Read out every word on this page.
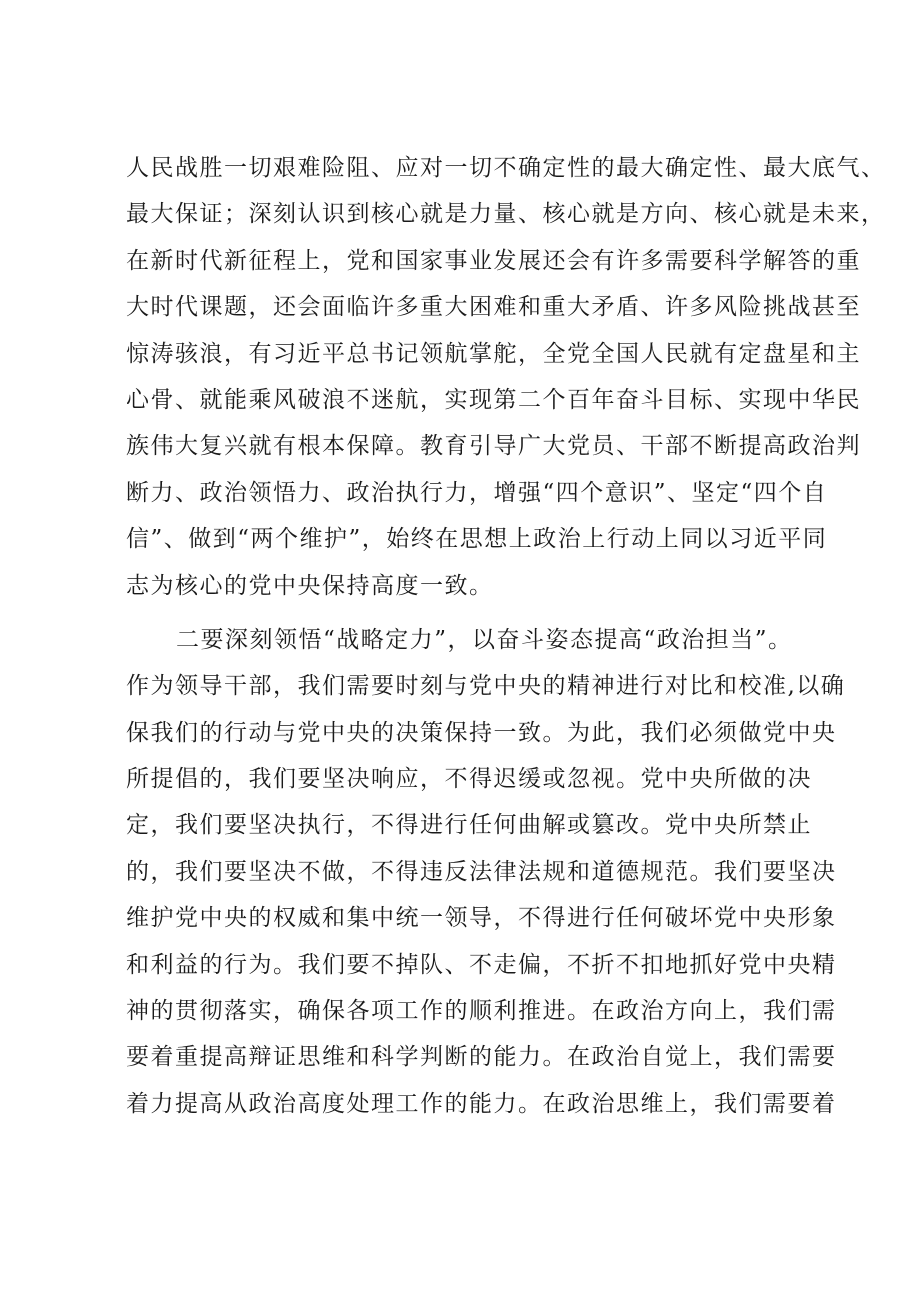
人民战胜一切艰难险阻、应对一切不确定性的最大确定性、最大底气、
最大保证；深刻认识到核心就是力量、核心就是方向、核心就是未来，
在新时代新征程上，党和国家事业发展还会有许多需要科学解答的重
大时代课题，还会面临许多重大困难和重大矛盾、许多风险挑战甚至
惊涛骇浪，有习近平总书记领航掌舵，全党全国人民就有定盘星和主
心骨、就能乘风破浪不迷航，实现第二个百年奋斗目标、实现中华民
族伟大复兴就有根本保障。教育引导广大党员、干部不断提高政治判
断力、政治领悟力、政治执行力，增强“四个意识”、坚定“四个自
信”、做到“两个维护”，始终在思想上政治上行动上同以习近平同
志为核心的党中央保持高度一致。
二要深刻领悟“战略定力”，以奋斗姿态提高“政治担当”。
作为领导干部，我们需要时刻与党中央的精神进行对比和校准,以确
保我们的行动与党中央的决策保持一致。为此，我们必须做党中央
所提倡的，我们要坚决响应，不得迟缓或忽视。党中央所做的决
定，我们要坚决执行，不得进行任何曲解或篡改。党中央所禁止
的，我们要坚决不做，不得违反法律法规和道德规范。我们要坚决
维护党中央的权威和集中统一领导，不得进行任何破坏党中央形象
和利益的行为。我们要不掉队、不走偏，不折不扣地抓好党中央精
神的贯彻落实，确保各项工作的顺利推进。在政治方向上，我们需
要着重提高辩证思维和科学判断的能力。在政治自觉上，我们需要
着力提高从政治高度处理工作的能力。在政治思维上，我们需要着
